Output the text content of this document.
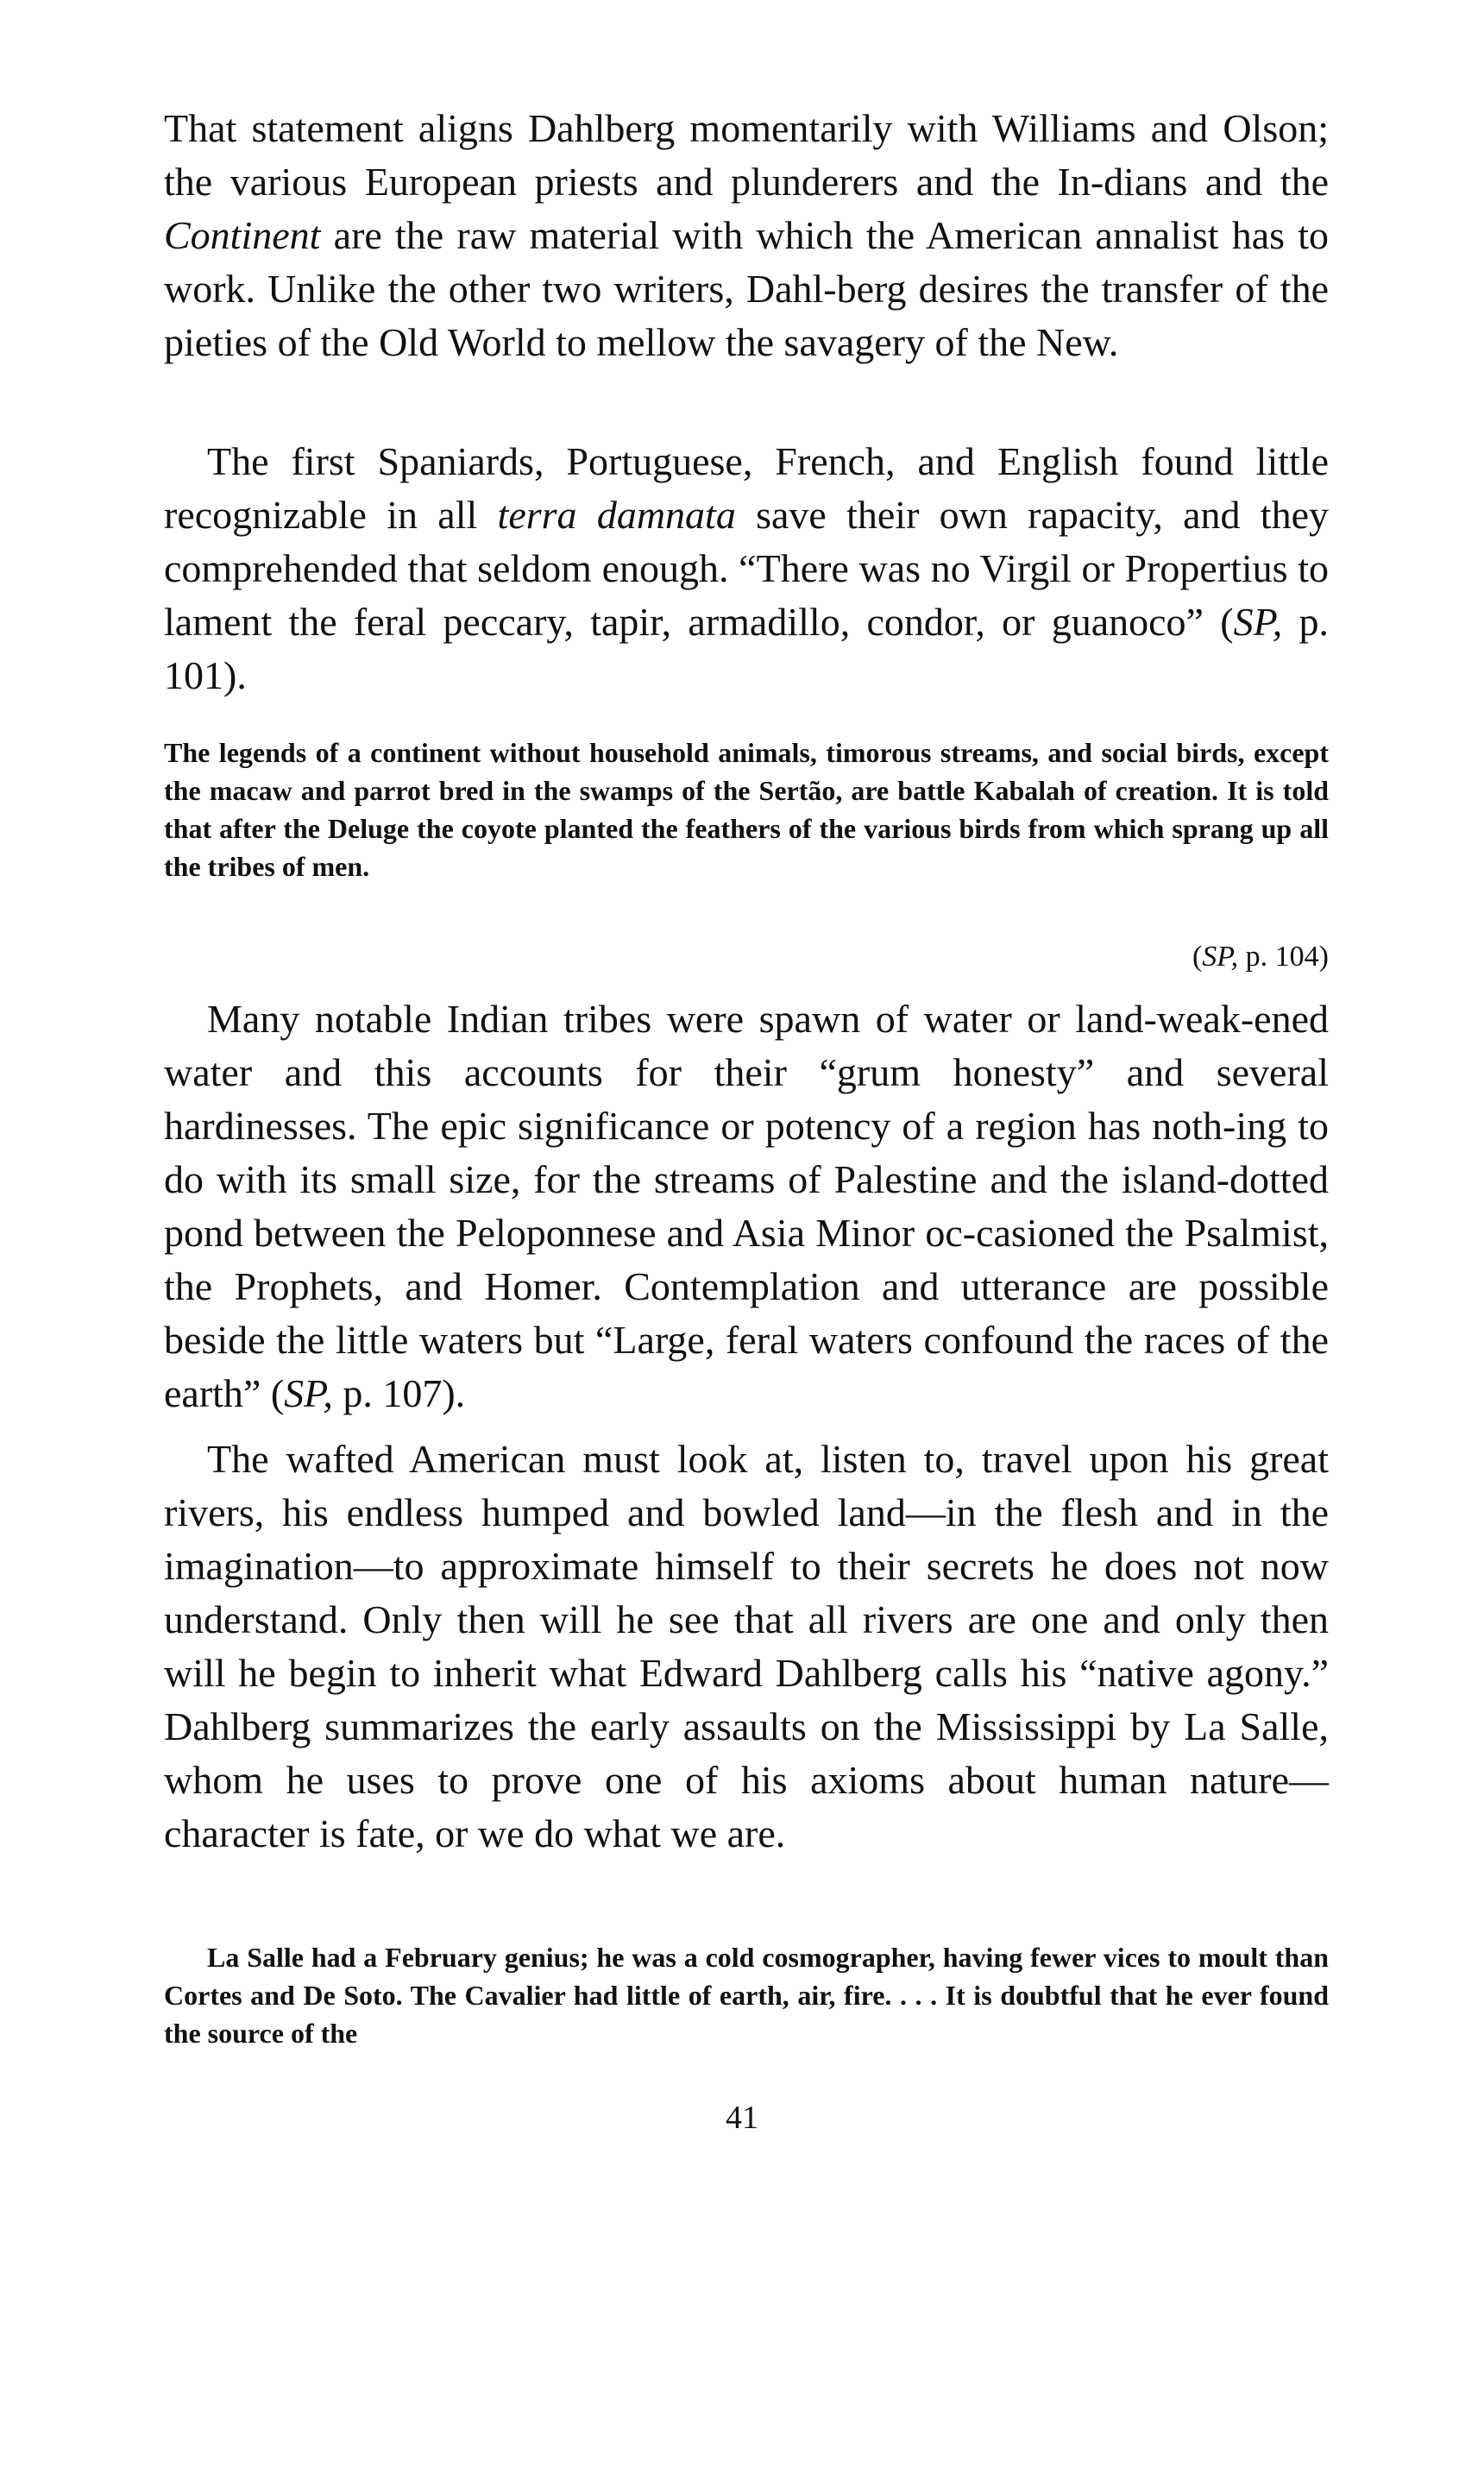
That statement aligns Dahlberg momentarily with Williams and Olson; the various European priests and plunderers and the In-dians and the Continent are the raw material with which the American annalist has to work. Unlike the other two writers, Dahl-berg desires the transfer of the pieties of the Old World to mellow the savagery of the New.

The first Spaniards, Portuguese, French, and English found little recognizable in all terra damnata save their own rapacity, and they comprehended that seldom enough. “There was no Virgil or Propertius to lament the feral peccary, tapir, armadillo, condor, or guanoco” (SP, p. 101).

The legends of a continent without household animals, timorous streams, and social birds, except the macaw and parrot bred in the swamps of the Sertão, are battle Kabalah of creation. It is told that after the Deluge the coyote planted the feathers of the various birds from which sprang up all the tribes of men.

(SP, p. 104)

Many notable Indian tribes were spawn of water or land-weak-ened water and this accounts for their “grum honesty” and several hardinesses. The epic significance or potency of a region has noth-ing to do with its small size, for the streams of Palestine and the island-dotted pond between the Peloponnese and Asia Minor oc-casioned the Psalmist, the Prophets, and Homer. Contemplation and utterance are possible beside the little waters but “Large, feral waters confound the races of the earth” (SP, p. 107).

The wafted American must look at, listen to, travel upon his great rivers, his endless humped and bowled land—in the flesh and in the imagination—to approximate himself to their secrets he does not now understand. Only then will he see that all rivers are one and only then will he begin to inherit what Edward Dahlberg calls his “native agony.” Dahlberg summarizes the early assaults on the Mississippi by La Salle, whom he uses to prove one of his axioms about human nature—character is fate, or we do what we are.

La Salle had a February genius; he was a cold cosmographer, having fewer vices to moult than Cortes and De Soto. The Cavalier had little of earth, air, fire. . . . It is doubtful that he ever found the source of the

41
